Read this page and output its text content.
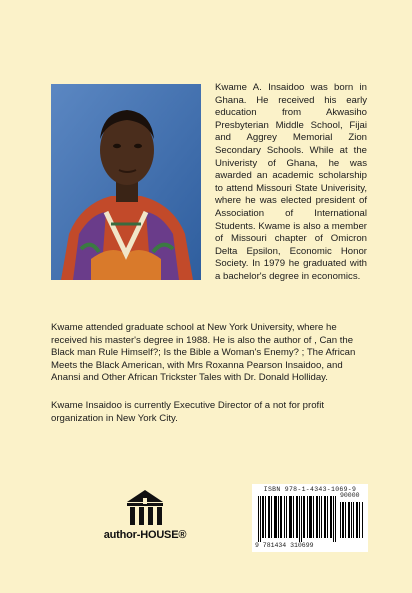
Kwame A. Insaidoo was born in Ghana. He received his early education from Akwasiho Presbyterian Middle School, Fijai and Aggrey Memorial Zion Secondary Schools. While at the Univeristy of Ghana, he was awarded an academic scholarship to attend Missouri State Univerisity, where he was elected president of Association of International Students. Kwame is also a member of Missouri chapter of Omicron Delta Epsilon, Economic Honor Society. In 1979 he graduated with a bachelor's degree in economics.

Kwame attended graduate school at New York University, where he received his master's degree in 1988. He is also the author of , Can the Black man Rule Himself?; Is the Bible a Woman's Enemy? ; The African Meets the Black American, with Mrs Roxanna Pearson Insaidoo, and Anansi and Other African Trickster Tales with Dr. Donald Holliday.

Kwame Insaidoo is currently Executive Director of a not for profit organization in New York City.

author-HOUSE®
ISBN 978-1-4343-1069-9
90000
9 781434 310699
